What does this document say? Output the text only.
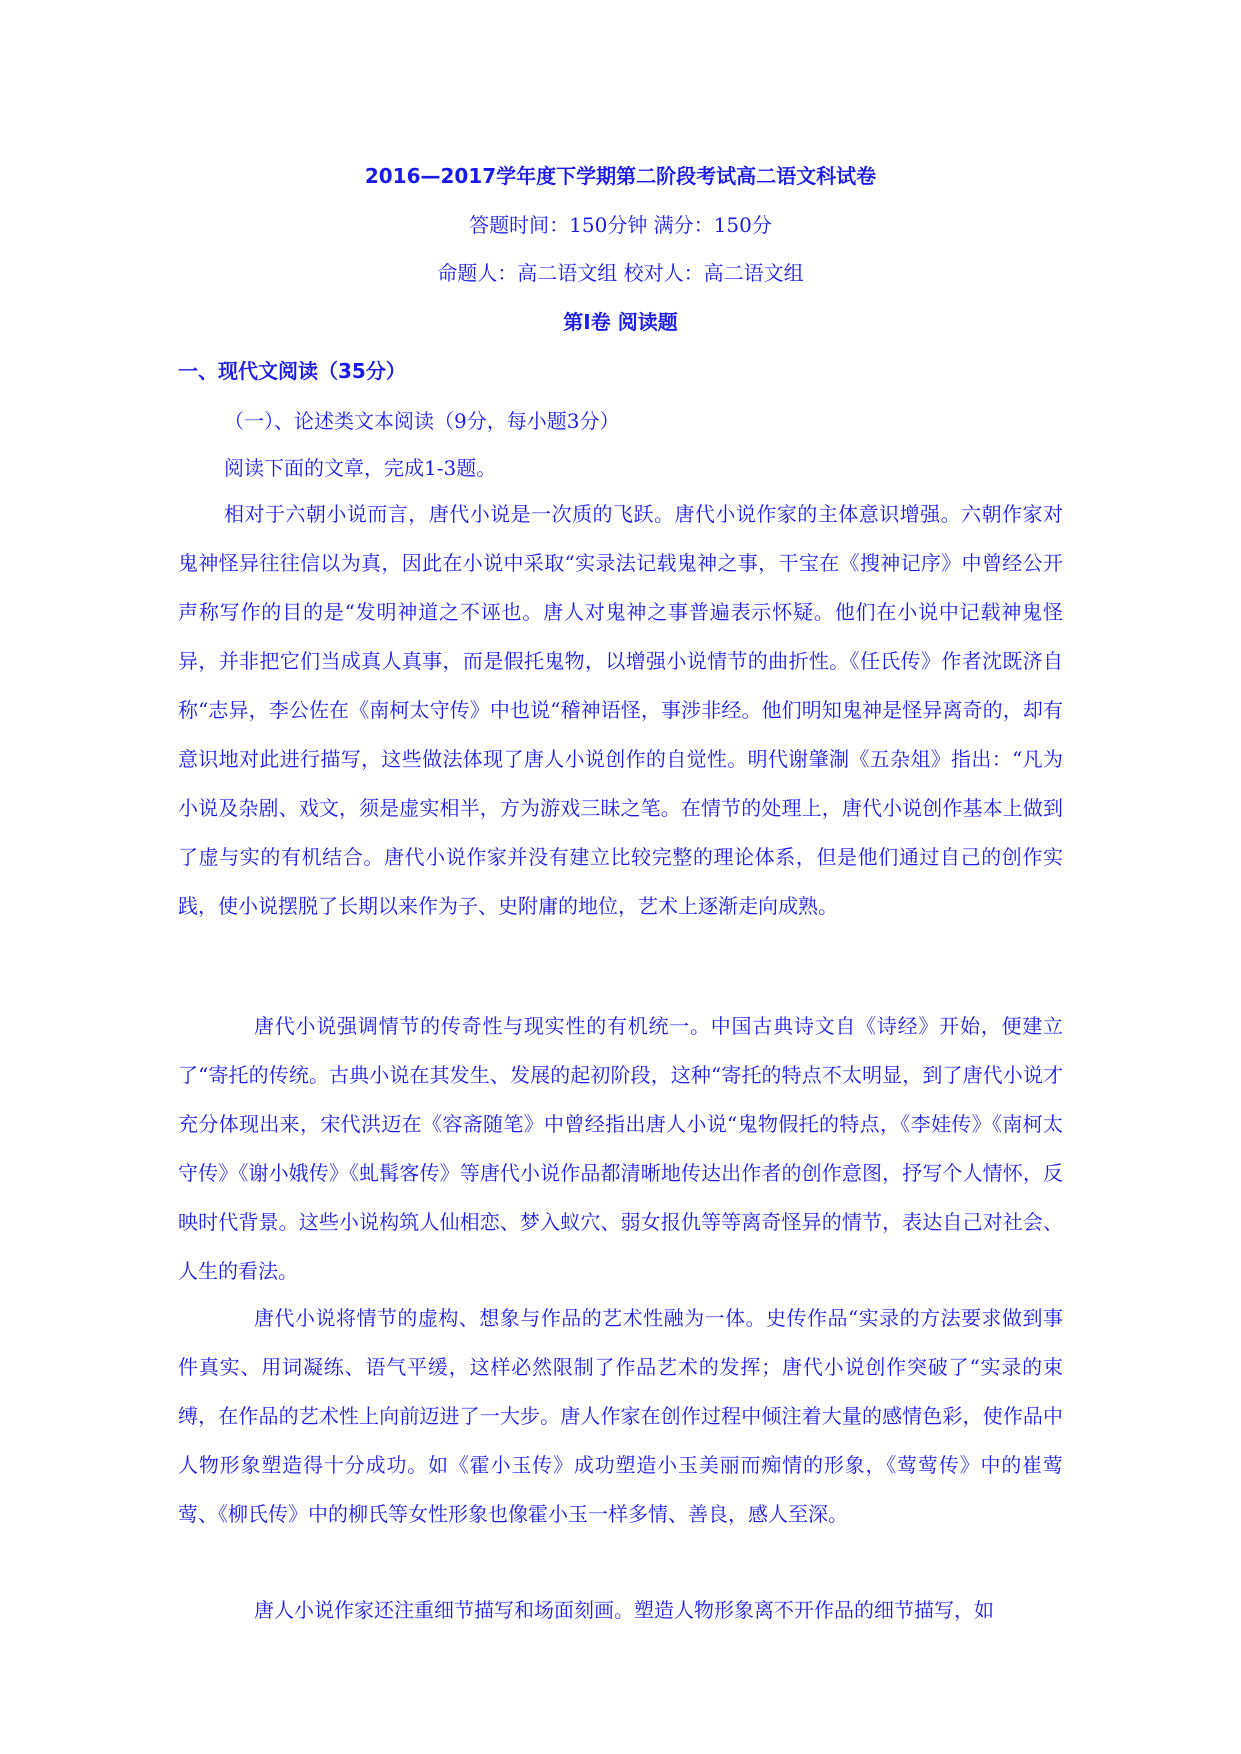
2016—2017学年度下学期第二阶段考试高二语文科试卷
答题时间：150分钟 满分：150分
命题人：高二语文组 校对人：高二语文组
第Ⅰ卷 阅读题
一、现代文阅读（35分）
（一）、论述类文本阅读（9分，每小题3分）
阅读下面的文章，完成1-3题。

相对于六朝小说而言，唐代小说是一次质的飞跃。唐代小说作家的主体意识增强。六朝作家对鬼神怪异往往信以为真，因此在小说中采取“实录法记载鬼神之事，干宝在《搜神记序》中曾经公开声称写作的目的是“发明神道之不诬也。唐人对鬼神之事普遍表示怀疑。他们在小说中记载神鬼怪异，并非把它们当成真人真事，而是假托鬼物，以增强小说情节的曲折性。《任氏传》作者沈既济自称“志异，李公佐在《南柯太守传》中也说“稽神语怪，事涉非经。他们明知鬼神是怪异离奇的，却有意识地对此进行描写，这些做法体现了唐人小说创作的自觉性。明代谢肇淛《五杂俎》指出：“凡为小说及杂剧、戏文，须是虚实相半，方为游戏三昧之笔。在情节的处理上，唐代小说创作基本上做到了虚与实的有机结合。唐代小说作家并没有建立比较完整的理论体系，但是他们通过自己的创作实践，使小说摆脱了长期以来作为子、史附庸的地位，艺术上逐渐走向成熟。

唐代小说强调情节的传奇性与现实性的有机统一。中国古典诗文自《诗经》开始，便建立了“寄托的传统。古典小说在其发生、发展的起初阶段，这种“寄托的特点不太明显，到了唐代小说才充分体现出来，宋代洪迈在《容斋随笔》中曾经指出唐人小说“鬼物假托的特点，《李娃传》《南柯太守传》《谢小娥传》《虬髯客传》等唐代小说作品都清晰地传达出作者的创作意图，抒写个人情怀，反映时代背景。这些小说构筑人仙相恋、梦入蚁穴、弱女报仇等等离奇怪异的情节，表达自己对社会、人生的看法。

唐代小说将情节的虚构、想象与作品的艺术性融为一体。史传作品“实录的方法要求做到事件真实、用词凝练、语气平缓，这样必然限制了作品艺术的发挥；唐代小说创作突破了“实录的束缚，在作品的艺术性上向前迈进了一大步。唐人作家在创作过程中倾注着大量的感情色彩，使作品中人物形象塑造得十分成功。如《霍小玉传》成功塑造小玉美丽而痴情的形象，《莺莺传》中的崔莺莺、《柳氏传》中的柳氏等女性形象也像霍小玉一样多情、善良，感人至深。

唐人小说作家还注重细节描写和场面刻画。塑造人物形象离不开作品的细节描写，如
